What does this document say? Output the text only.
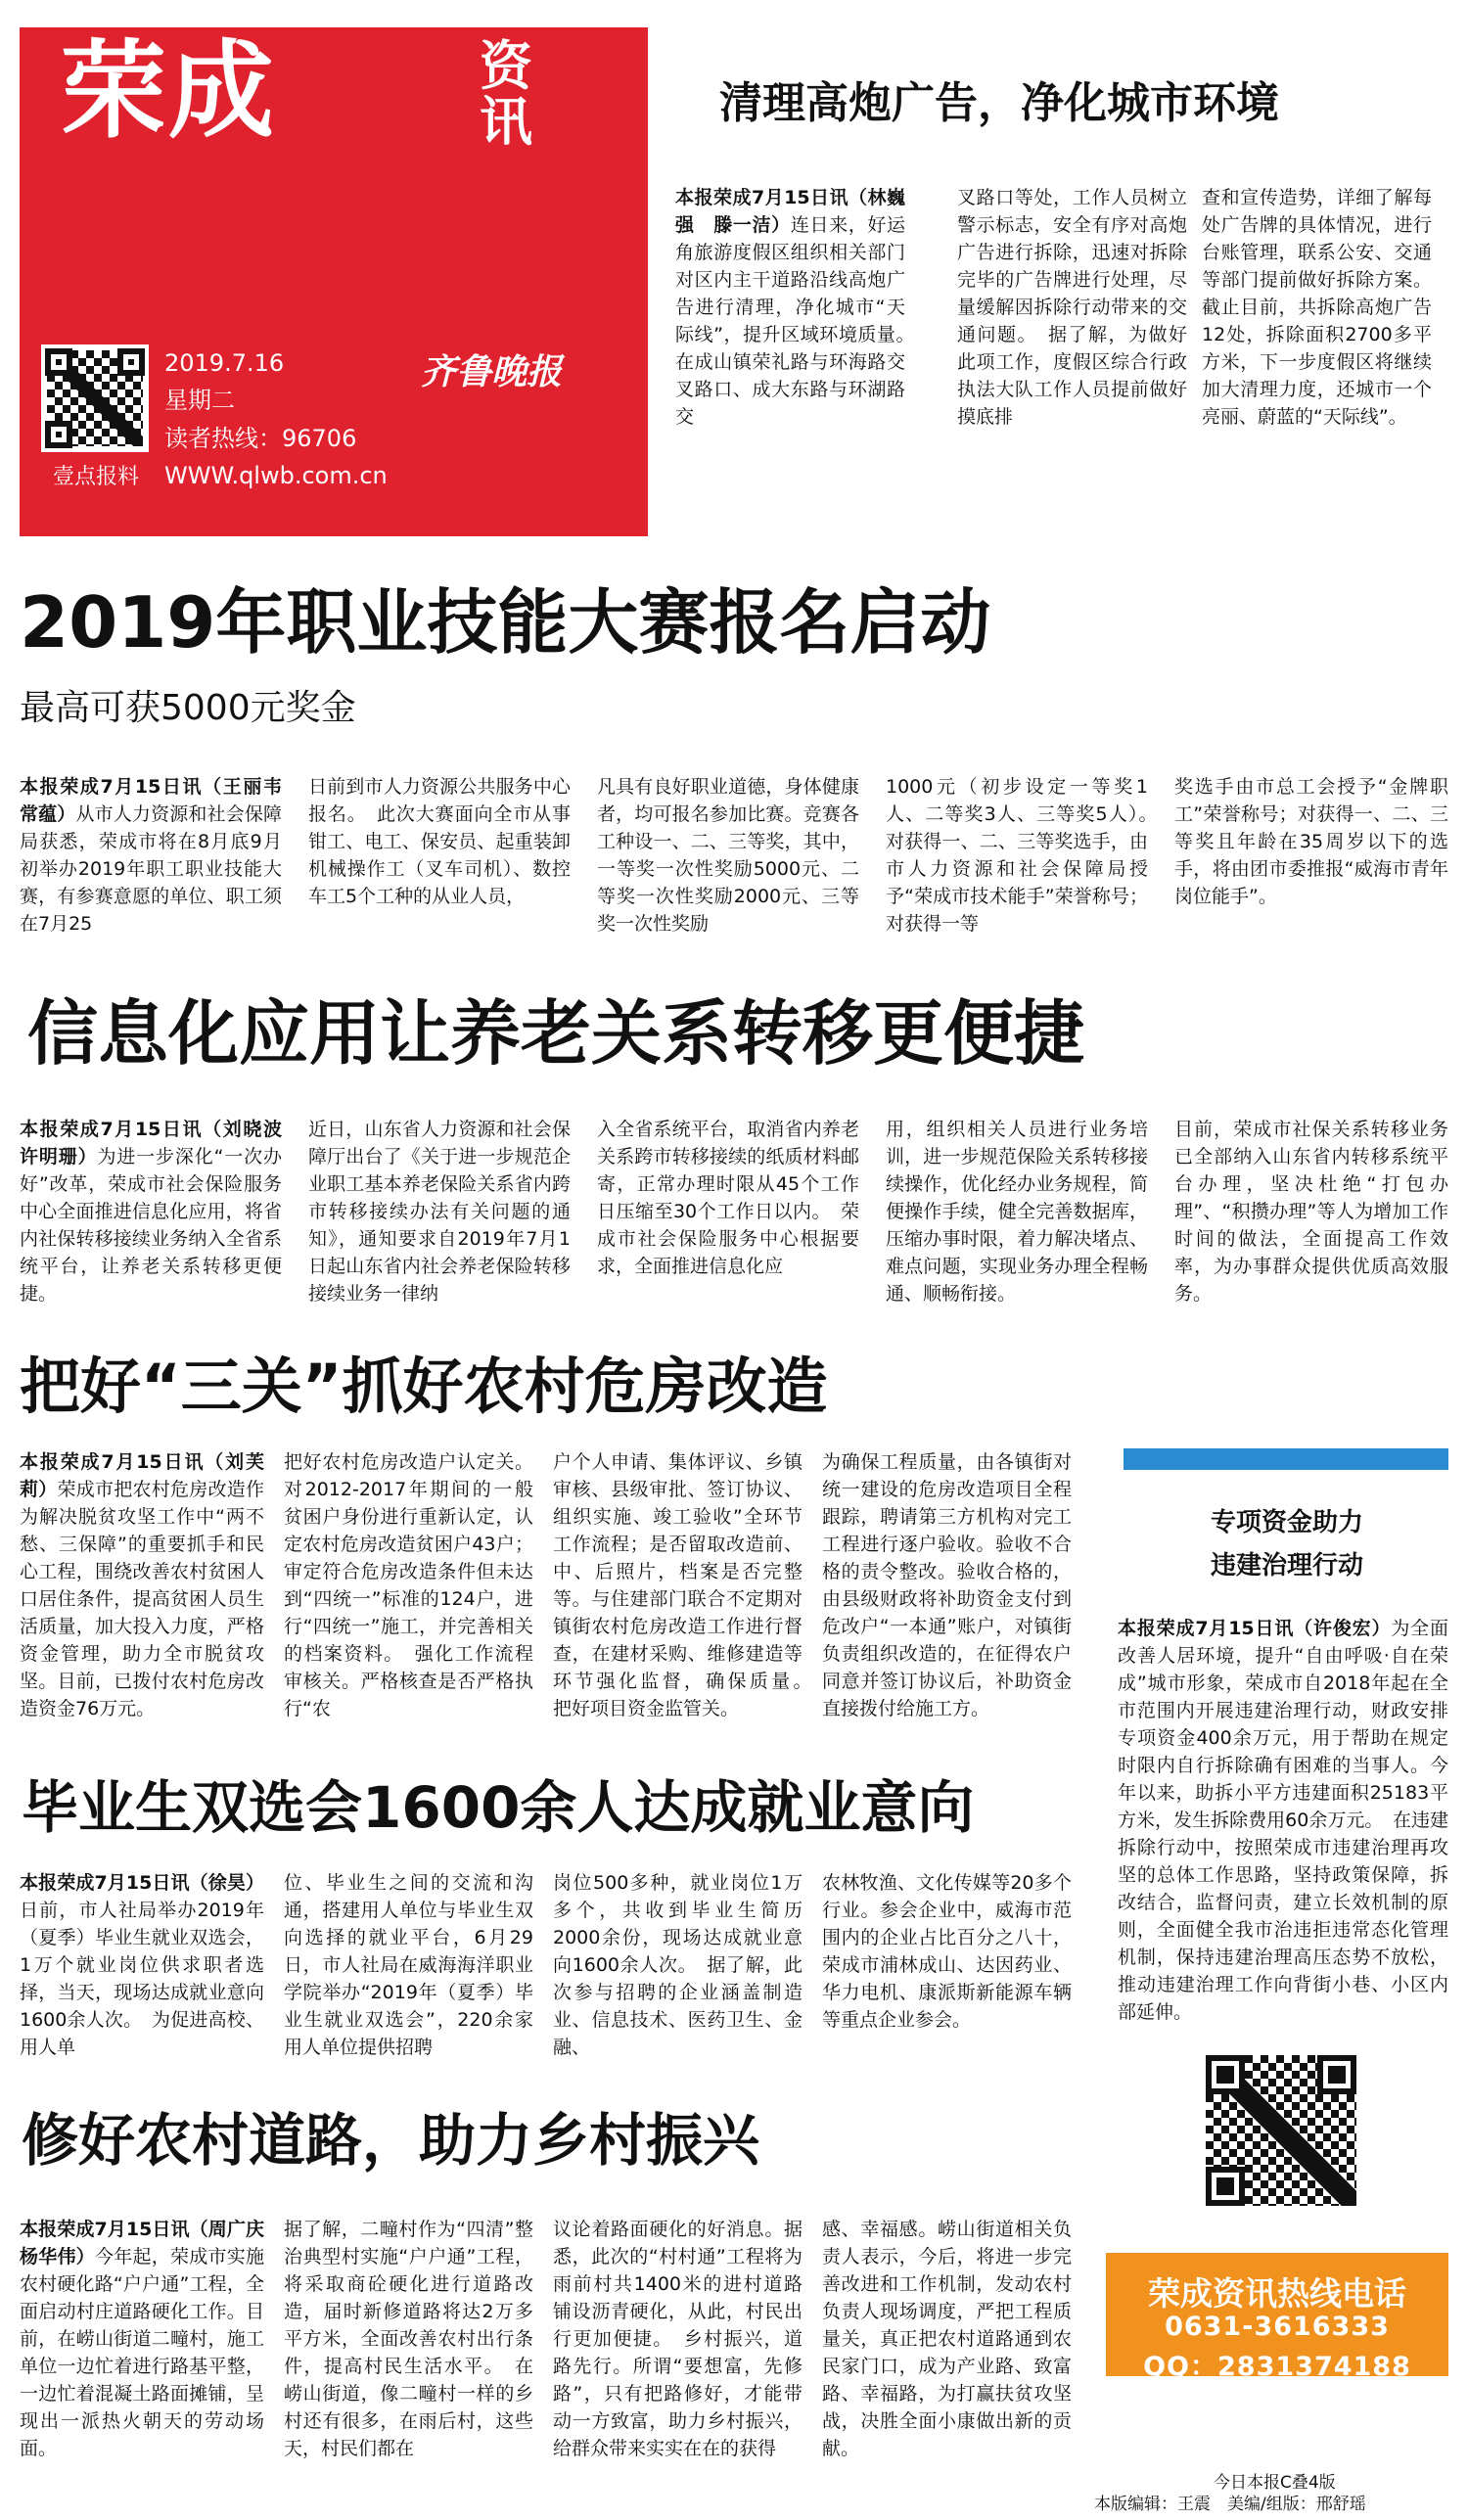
荣成	资讯
壹点报料
2019.7.16
星期二
读者热线：96706
WWW.qlwb.com.cn
齐鲁晚报
清理高炮广告，净化城市环境
本报荣成7月15日讯（林巍强　滕一洁）连日来，好运角旅游度假区组织相关部门对区内主干道路沿线高炮广告进行清理，净化城市“天际线”，提升区域环境质量。　在成山镇荣礼路与环海路交叉路口、成大东路与环湖路交
叉路口等处，工作人员树立警示标志，安全有序对高炮广告进行拆除，迅速对拆除完毕的广告牌进行处理，尽量缓解因拆除行动带来的交通问题。　据了解，为做好此项工作，度假区综合行政执法大队工作人员提前做好摸底排
查和宣传造势，详细了解每处广告牌的具体情况，进行台账管理，联系公安、交通等部门提前做好拆除方案。截止目前，共拆除高炮广告12处，拆除面积2700多平方米，下一步度假区将继续加大清理力度，还城市一个亮丽、蔚蓝的“天际线”。
2019年职业技能大赛报名启动
最高可获5000元奖金
本报荣成7月15日讯（王丽韦　常蕴）从市人力资源和社会保障局获悉，荣成市将在8月底9月初举办2019年职工职业技能大赛，有参赛意愿的单位、职工须在7月25
日前到市人力资源公共服务中心报名。　此次大赛面向全市从事钳工、电工、保安员、起重装卸机械操作工（叉车司机）、数控车工5个工种的从业人员，
凡具有良好职业道德，身体健康者，均可报名参加比赛。竞赛各工种设一、二、三等奖，其中，一等奖一次性奖励5000元、二等奖一次性奖励2000元、三等奖一次性奖励
1000元（初步设定一等奖1人、二等奖3人、三等奖5人）。　对获得一、二、三等奖选手，由市人力资源和社会保障局授予“荣成市技术能手”荣誉称号；对获得一等
奖选手由市总工会授予“金牌职工”荣誉称号；对获得一、二、三等奖且年龄在35周岁以下的选手，将由团市委推报“威海市青年岗位能手”。
信息化应用让养老关系转移更便捷
本报荣成7月15日讯（刘晓波　许明珊）为进一步深化“一次办好”改革，荣成市社会保险服务中心全面推进信息化应用，将省内社保转移接续业务纳入全省系统平台，让养老关系转移更便捷。
近日，山东省人力资源和社会保障厅出台了《关于进一步规范企业职工基本养老保险关系省内跨市转移接续办法有关问题的通知》，通知要求自2019年7月1日起山东省内社会养老保险转移接续业务一律纳
入全省系统平台，取消省内养老关系跨市转移接续的纸质材料邮寄，正常办理时限从45个工作日压缩至30个工作日以内。　荣成市社会保险服务中心根据要求，全面推进信息化应
用，组织相关人员进行业务培训，进一步规范保险关系转移接续操作，优化经办业务规程，简便操作手续，健全完善数据库，压缩办事时限，着力解决堵点、难点问题，实现业务办理全程畅通、顺畅衔接。
目前，荣成市社保关系转移业务已全部纳入山东省内转移系统平台办理，坚决杜绝“打包办理”、“积攒办理”等人为增加工作时间的做法，全面提高工作效率，为办事群众提供优质高效服务。
把好“三关”抓好农村危房改造
本报荣成7月15日讯（刘芙莉）荣成市把农村危房改造作为解决脱贫攻坚工作中“两不愁、三保障”的重要抓手和民心工程，围绕改善农村贫困人口居住条件，提高贫困人员生活质量，加大投入力度，严格资金管理，助力全市脱贫攻坚。目前，已拨付农村危房改造资金76万元。
把好农村危房改造户认定关。对2012-2017年期间的一般贫困户身份进行重新认定，认定农村危房改造贫困户43户；审定符合危房改造条件但未达到“四统一”标准的124户，进行“四统一”施工，并完善相关的档案资料。　强化工作流程审核关。严格核查是否严格执行“农
户个人申请、集体评议、乡镇审核、县级审批、签订协议、组织实施、竣工验收”全环节工作流程；是否留取改造前、中、后照片，档案是否完整等。与住建部门联合不定期对镇街农村危房改造工作进行督查，在建材采购、维修建造等环节强化监督，确保质量。　把好项目资金监管关。
为确保工程质量，由各镇街对统一建设的危房改造项目全程跟踪，聘请第三方机构对完工工程进行逐户验收。验收不合格的责令整改。验收合格的，由县级财政将补助资金支付到危改户“一本通”账户，对镇街负责组织改造的，在征得农户同意并签订协议后，补助资金直接拨付给施工方。
专项资金助力
违建治理行动
本报荣成7月15日讯（许俊宏）为全面改善人居环境，提升“自由呼吸·自在荣成”城市形象，荣成市自2018年起在全市范围内开展违建治理行动，财政安排专项资金400余万元，用于帮助在规定时限内自行拆除确有困难的当事人。今年以来，助拆小平方违建面积25183平方米，发生拆除费用60余万元。　在违建拆除行动中，按照荣成市违建治理再攻坚的总体工作思路，坚持政策保障，拆改结合，监督问责，建立长效机制的原则，全面健全我市治违拒违常态化管理机制，保持违建治理高压态势不放松，推动违建治理工作向背街小巷、小区内部延伸。
毕业生双选会1600余人达成就业意向
本报荣成7月15日讯（徐昊）日前，市人社局举办2019年（夏季）毕业生就业双选会，1万个就业岗位供求职者选择，当天，现场达成就业意向1600余人次。　为促进高校、用人单
位、毕业生之间的交流和沟通，搭建用人单位与毕业生双向选择的就业平台，6月29日，市人社局在威海海洋职业学院举办“2019年（夏季）毕业生就业双选会”，220余家用人单位提供招聘
岗位500多种，就业岗位1万多个，共收到毕业生简历2000余份，现场达成就业意向1600余人次。　据了解，此次参与招聘的企业涵盖制造业、信息技术、医药卫生、金融、
农林牧渔、文化传媒等20多个行业。参会企业中，威海市范围内的企业占比百分之八十，荣成市浦林成山、达因药业、华力电机、康派斯新能源车辆等重点企业参会。
修好农村道路，助力乡村振兴
本报荣成7月15日讯（周广庆　杨华伟）今年起，荣成市实施农村硬化路“户户通”工程，全面启动村庄道路硬化工作。目前，在崂山街道二疃村，施工单位一边忙着进行路基平整，一边忙着混凝土路面摊铺，呈现出一派热火朝天的劳动场面。
据了解，二疃村作为“四清”整治典型村实施“户户通”工程，将采取商砼硬化进行道路改造，届时新修道路将达2万多平方米，全面改善农村出行条件，提高村民生活水平。　在崂山街道，像二疃村一样的乡村还有很多，在雨后村，这些天，村民们都在
议论着路面硬化的好消息。据悉，此次的“村村通”工程将为雨前村共1400米的进村道路铺设沥青硬化，从此，村民出行更加便捷。　乡村振兴，道路先行。所谓“要想富，先修路”，只有把路修好，才能带动一方致富，助力乡村振兴，给群众带来实实在在的获得
感、幸福感。崂山街道相关负责人表示，今后，将进一步完善改进和工作机制，发动农村负责人现场调度，严把工程质量关，真正把农村道路通到农民家门口，成为产业路、致富路、幸福路，为打赢扶贫攻坚战，决胜全面小康做出新的贡献。
荣成资讯热线电话
0631-3616333
QQ：2831374188
今日本报C叠4版
本版编辑：王震　美编/组版：邢舒瑶
